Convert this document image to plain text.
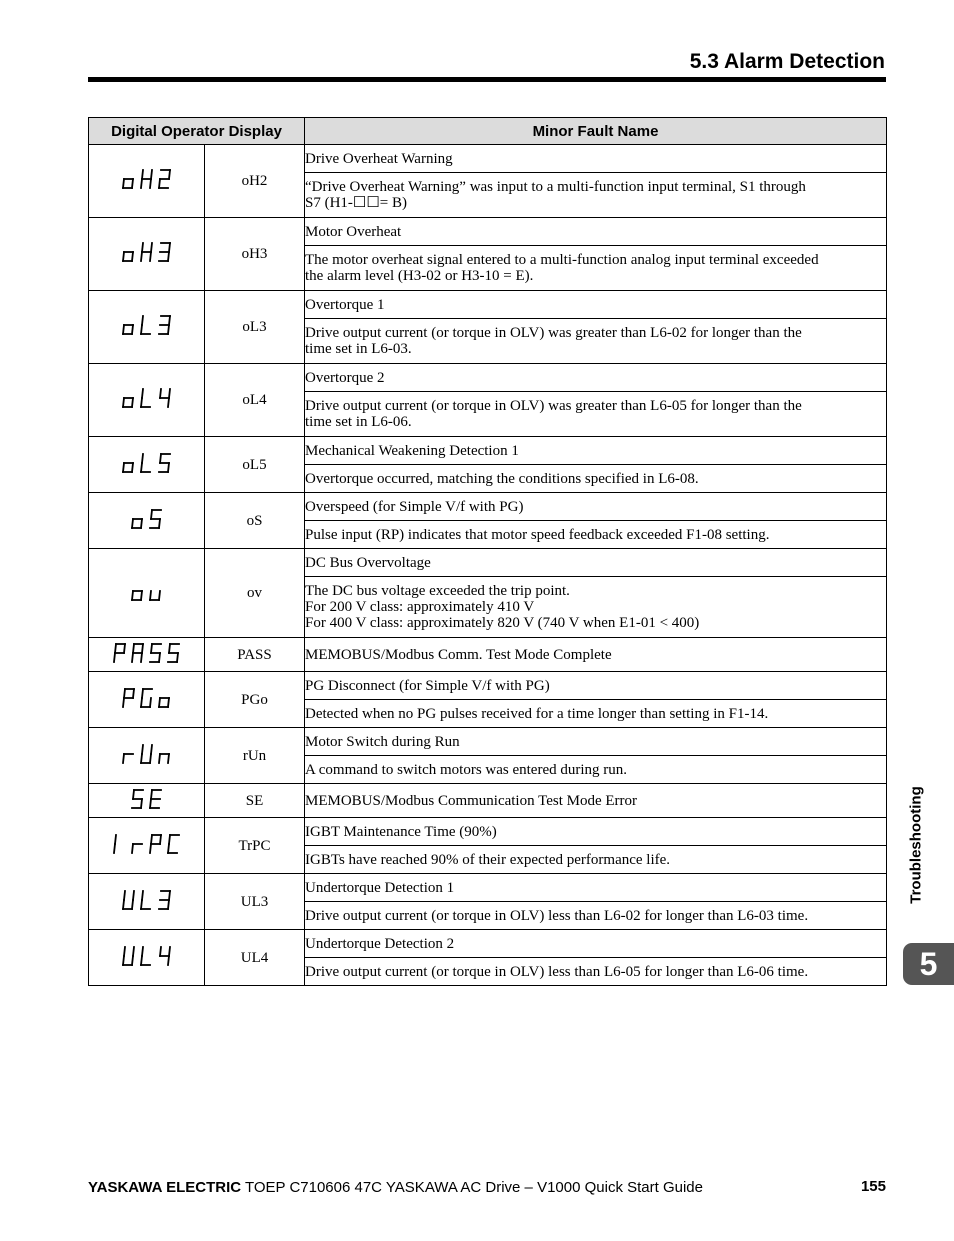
5.3 Alarm Detection
Digital Operator Display		Minor Fault Name
	oH2	Drive Overheat Warning

		“Drive Overheat Warning” was input to a multi-function input terminal, S1 through
S7 (H1-☐☐= B)

	oH3	Motor Overheat

		The motor overheat signal entered to a multi-function analog input terminal exceeded
the alarm level (H3-02 or H3-10 = E).

	oL3	Overtorque 1

		Drive output current (or torque in OLV) was greater than L6-02 for longer than the
time set in L6-03.

	oL4	Overtorque 2

		Drive output current (or torque in OLV) was greater than L6-05 for longer than the
time set in L6-06.

	oL5	Mechanical Weakening Detection 1

		Overtorque occurred, matching the conditions specified in L6-08.

	oS	Overspeed (for Simple V/f with PG)

		Pulse input (RP) indicates that motor speed feedback exceeded F1-08 setting.

	ov	DC Bus Overvoltage

		The DC bus voltage exceeded the trip point.
For 200 V class: approximately 410 V
For 400 V class: approximately 820 V (740 V when E1-01 < 400)

	PASS	MEMOBUS/Modbus Comm. Test Mode Complete

	PGo	PG Disconnect (for Simple V/f with PG)

		Detected when no PG pulses received for a time longer than setting in F1-14.

	rUn	Motor Switch during Run

		A command to switch motors was entered during run.

	SE	MEMOBUS/Modbus Communication Test Mode Error

	TrPC	IGBT Maintenance Time (90%)

		IGBTs have reached 90% of their expected performance life.

	UL3	Undertorque Detection 1

		Drive output current (or torque in OLV) less than L6-02 for longer than L6-03 time.

	UL4	Undertorque Detection 2

		Drive output current (or torque in OLV) less than L6-05 for longer than L6-06 time.
Troubleshooting
5
YASKAWA ELECTRIC TOEP C710606 47C YASKAWA AC Drive – V1000 Quick Start Guide	155
